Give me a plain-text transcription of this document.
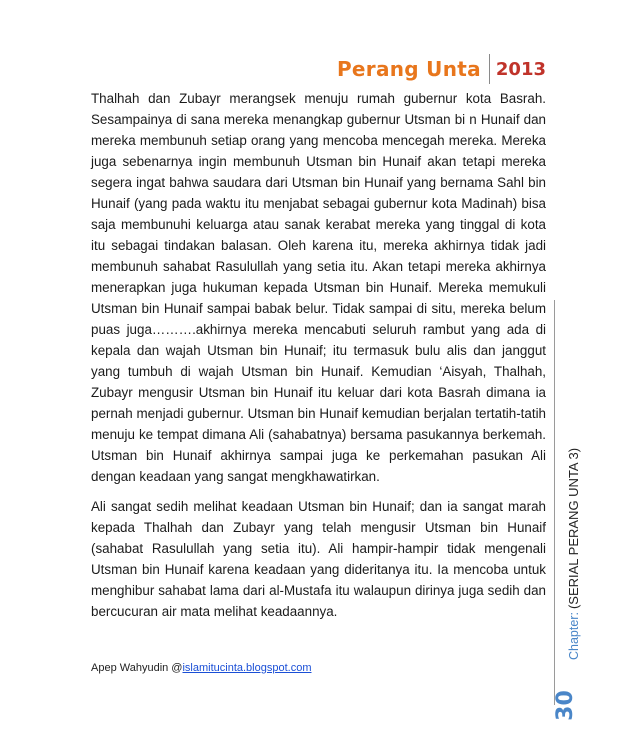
Perang Unta 2013

Thalhah dan Zubayr merangsek menuju rumah gubernur kota Basrah. Sesampainya di sana mereka menangkap gubernur Utsman bi n Hunaif dan mereka membunuh setiap orang yang mencoba mencegah mereka. Mereka juga sebenarnya ingin membunuh Utsman bin Hunaif akan tetapi mereka segera ingat bahwa saudara dari Utsman bin Hunaif yang bernama Sahl bin Hunaif (yang pada waktu itu menjabat sebagai gubernur kota Madinah) bisa saja membunuhi keluarga atau sanak kerabat mereka yang tinggal di kota itu sebagai tindakan balasan. Oleh karena itu, mereka akhirnya tidak jadi membunuh sahabat Rasulullah yang setia itu. Akan tetapi mereka akhirnya menerapkan juga hukuman kepada Utsman bin Hunaif. Mereka memukuli Utsman bin Hunaif sampai babak belur. Tidak sampai di situ, mereka belum puas juga……….akhirnya mereka mencabuti seluruh rambut yang ada di kepala dan wajah Utsman bin Hunaif; itu termasuk bulu alis dan janggut yang tumbuh di wajah Utsman bin Hunaif. Kemudian ‘Aisyah, Thalhah, Zubayr mengusir Utsman bin Hunaif itu keluar dari kota Basrah dimana ia pernah menjadi gubernur. Utsman bin Hunaif kemudian berjalan tertatih-tatih menuju ke tempat dimana Ali (sahabatnya) bersama pasukannya berkemah. Utsman bin Hunaif akhirnya sampai juga ke perkemahan pasukan Ali dengan keadaan yang sangat mengkhawatirkan.

Ali sangat sedih melihat keadaan Utsman bin Hunaif; dan ia sangat marah kepada Thalhah dan Zubayr yang telah mengusir Utsman bin Hunaif (sahabat Rasulullah yang setia itu). Ali hampir-hampir tidak mengenali Utsman bin Hunaif karena keadaan yang dideritanya itu. Ia mencoba untuk menghibur sahabat lama dari al-Mustafa itu walaupun dirinya juga sedih dan bercucuran air mata melihat keadaannya.

Apep Wahyudin @islamitucinta.blogspot.com
Chapter:
(SERIAL PERANG UNTA 3)
30
